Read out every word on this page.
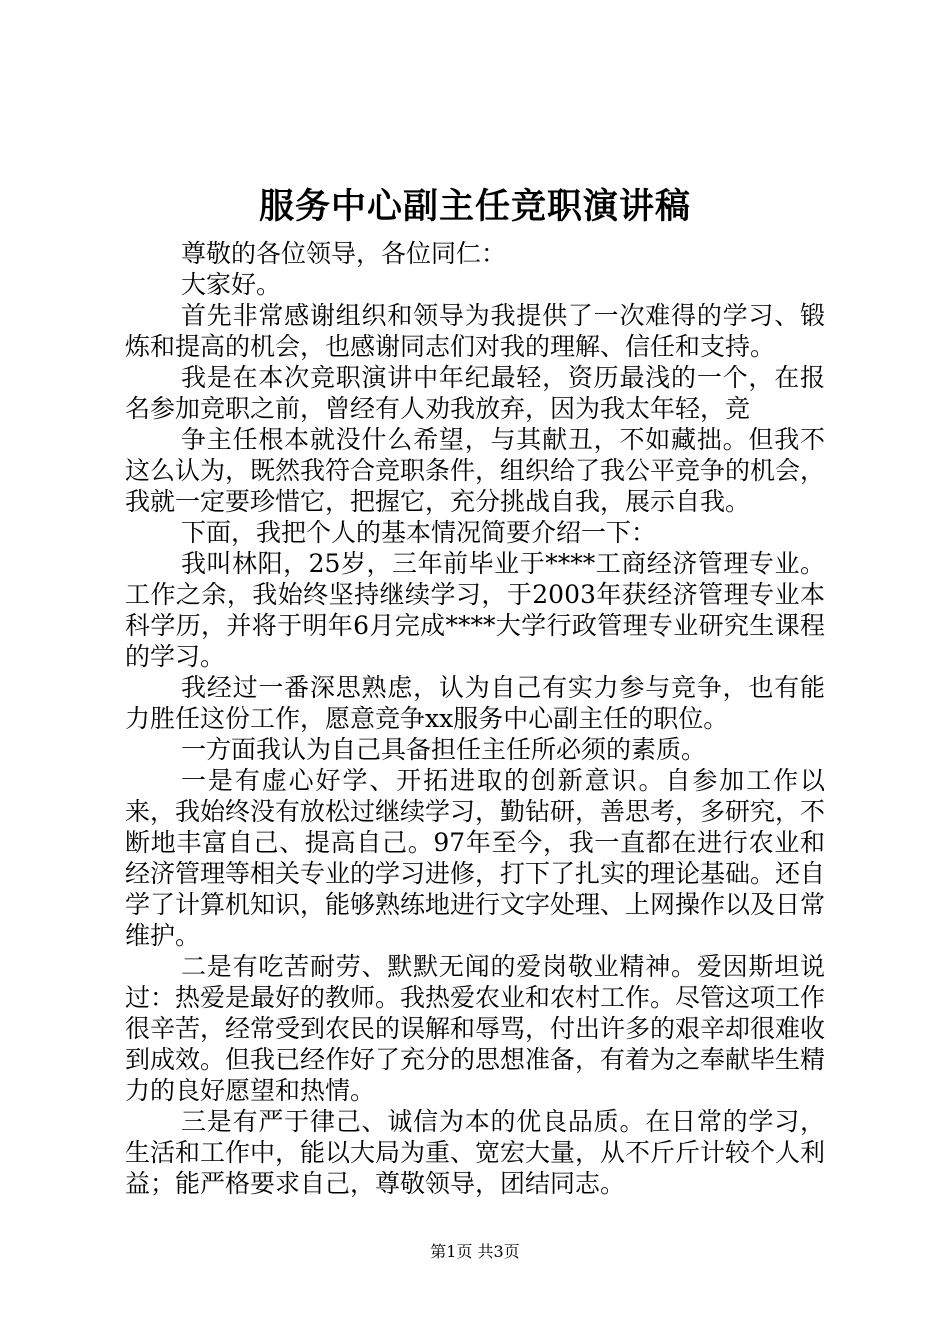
服务中心副主任竞职演讲稿

尊敬的各位领导，各位同仁：

大家好。

首先非常感谢组织和领导为我提供了一次难得的学习、锻炼和提高的机会，也感谢同志们对我的理解、信任和支持。

我是在本次竞职演讲中年纪最轻，资历最浅的一个，在报名参加竞职之前，曾经有人劝我放弃，因为我太年轻，竞

争主任根本就没什么希望，与其献丑，不如藏拙。但我不这么认为，既然我符合竞职条件，组织给了我公平竞争的机会，我就一定要珍惜它，把握它，充分挑战自我，展示自我。

下面，我把个人的基本情况简要介绍一下：

我叫林阳，25岁，三年前毕业于****工商经济管理专业。工作之余，我始终坚持继续学习，于2003年获经济管理专业本科学历，并将于明年6月完成****大学行政管理专业研究生课程的学习。

我经过一番深思熟虑，认为自己有实力参与竞争，也有能力胜任这份工作，愿意竞争xx服务中心副主任的职位。

一方面我认为自己具备担任主任所必须的素质。

一是有虚心好学、开拓进取的创新意识。自参加工作以来，我始终没有放松过继续学习，勤钻研，善思考，多研究，不断地丰富自己、提高自己。97年至今，我一直都在进行农业和经济管理等相关专业的学习进修，打下了扎实的理论基础。还自学了计算机知识，能够熟练地进行文字处理、上网操作以及日常维护。

二是有吃苦耐劳、默默无闻的爱岗敬业精神。爱因斯坦说过：热爱是最好的教师。我热爱农业和农村工作。尽管这项工作很辛苦，经常受到农民的误解和辱骂，付出许多的艰辛却很难收到成效。但我已经作好了充分的思想准备，有着为之奉献毕生精力的良好愿望和热情。

三是有严于律己、诚信为本的优良品质。在日常的学习，生活和工作中，能以大局为重、宽宏大量，从不斤斤计较个人利益；能严格要求自己，尊敬领导，团结同志。

第1页 共3页
